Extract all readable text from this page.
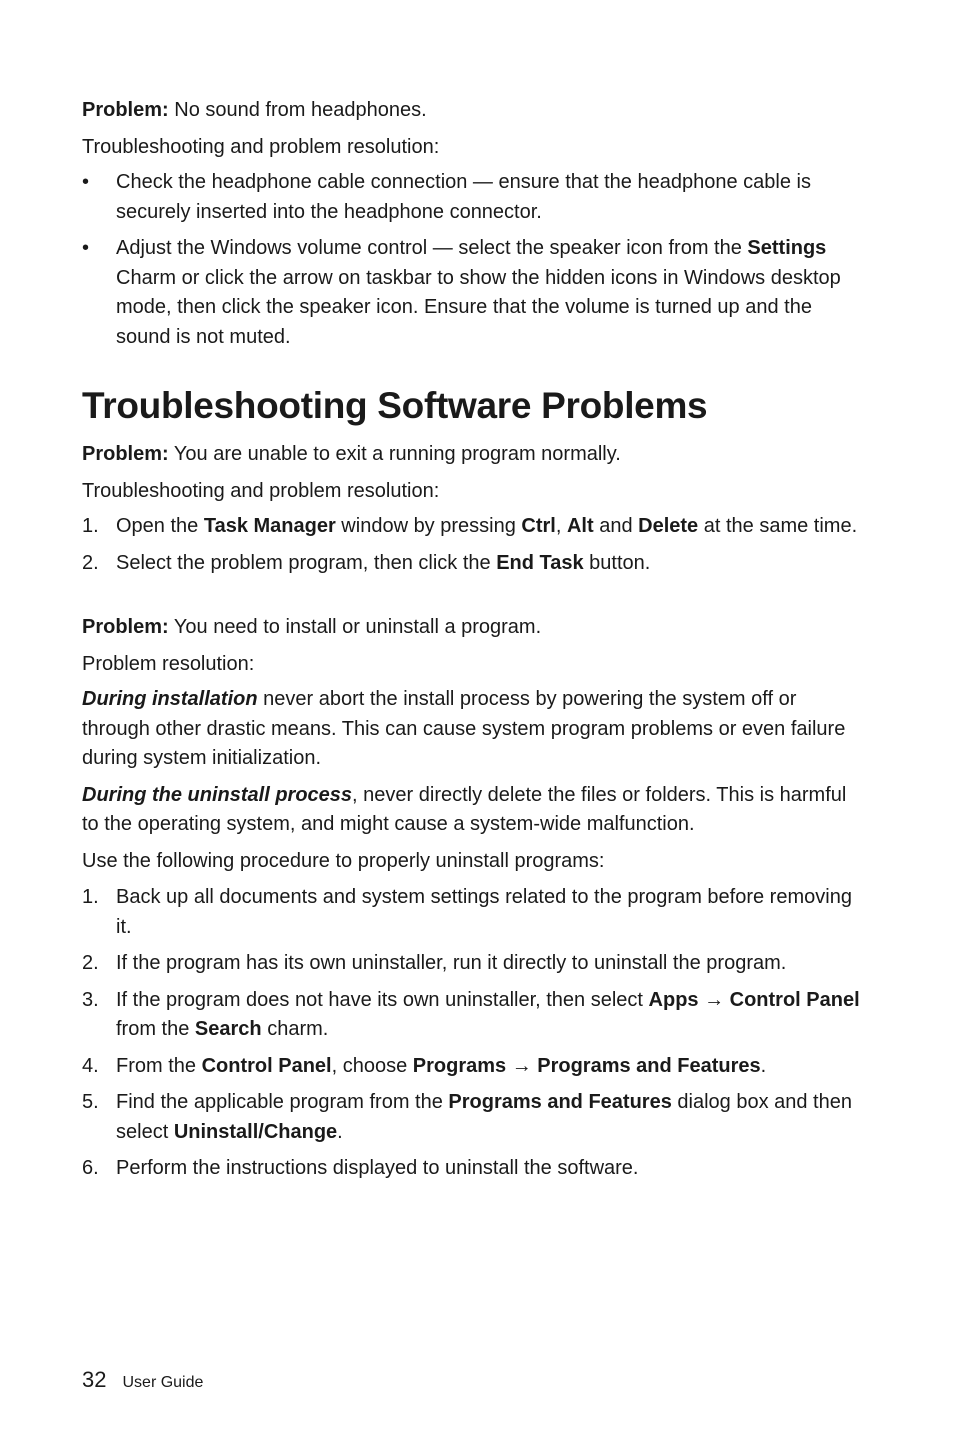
Problem: No sound from headphones.

Troubleshooting and problem resolution:

• Check the headphone cable connection — ensure that the headphone cable is securely inserted into the headphone connector.
• Adjust the Windows volume control — select the speaker icon from the Settings Charm or click the arrow on taskbar to show the hidden icons in Windows desktop mode, then click the speaker icon. Ensure that the volume is turned up and the sound is not muted.
Troubleshooting Software Problems

Problem: You are unable to exit a running program normally.

Troubleshooting and problem resolution:

1. Open the Task Manager window by pressing Ctrl, Alt and Delete at the same time.
2. Select the problem program, then click the End Task button.

Problem: You need to install or uninstall a program.

Problem resolution:

During installation never abort the install process by powering the system off or through other drastic means. This can cause system program problems or even failure during system initialization.

During the uninstall process, never directly delete the files or folders. This is harmful to the operating system, and might cause a system-wide malfunction.

Use the following procedure to properly uninstall programs:

1. Back up all documents and system settings related to the program before removing it.
2. If the program has its own uninstaller, run it directly to uninstall the program.
3. If the program does not have its own uninstaller, then select Apps → Control Panel from the Search charm.
4. From the Control Panel, choose Programs → Programs and Features.
5. Find the applicable program from the Programs and Features dialog box and then select Uninstall/Change.
6. Perform the instructions displayed to uninstall the software.
32 User Guide
